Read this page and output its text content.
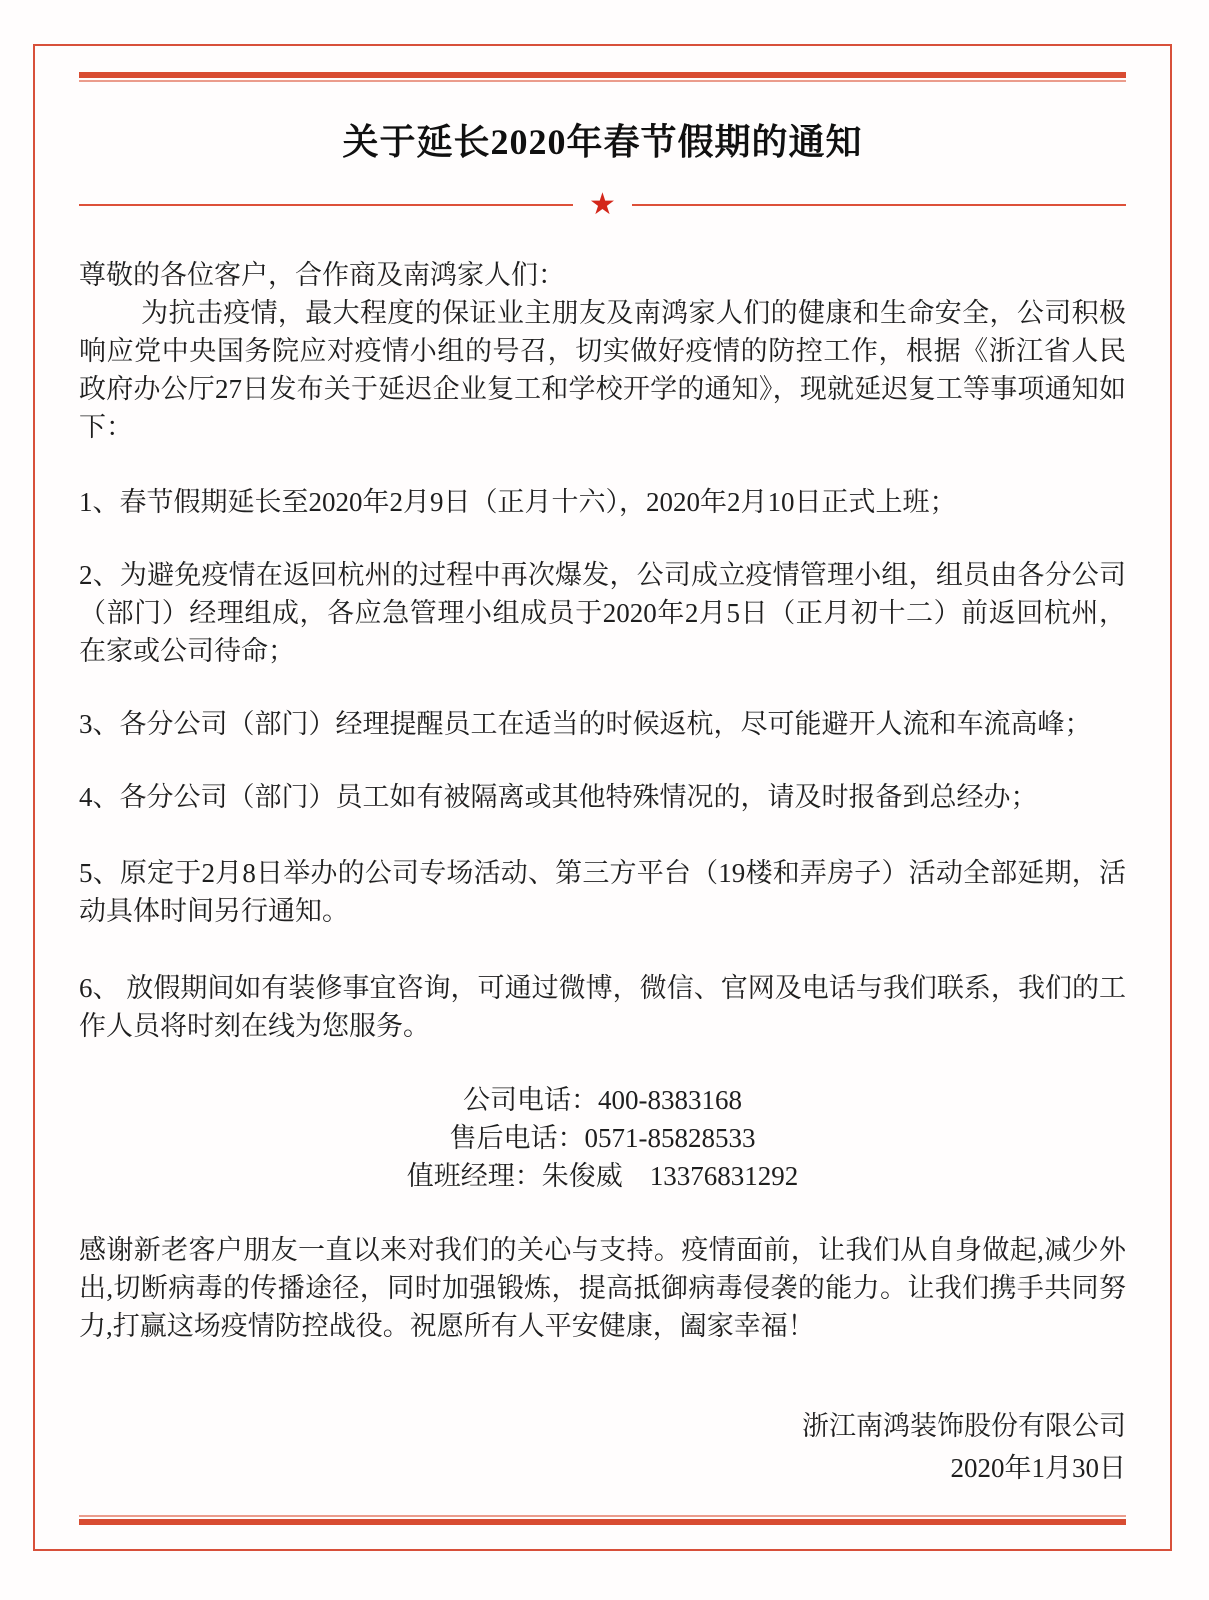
关于延长2020年春节假期的通知
★

尊敬的各位客户，合作商及南鸿家人们：

为抗击疫情，最大程度的保证业主朋友及南鸿家人们的健康和生命安全，公司积极响应党中央国务院应对疫情小组的号召，切实做好疫情的防控工作，根据《浙江省人民政府办公厅27日发布关于延迟企业复工和学校开学的通知》，现就延迟复工等事项通知如下：

1、春节假期延长至2020年2月9日（正月十六），2020年2月10日正式上班；

2、为避免疫情在返回杭州的过程中再次爆发，公司成立疫情管理小组，组员由各分公司（部门）经理组成，各应急管理小组成员于2020年2月5日（正月初十二）前返回杭州，在家或公司待命；

3、各分公司（部门）经理提醒员工在适当的时候返杭，尽可能避开人流和车流高峰；

4、各分公司（部门）员工如有被隔离或其他特殊情况的，请及时报备到总经办；

5、原定于2月8日举办的公司专场活动、第三方平台（19楼和弄房子）活动全部延期，活动具体时间另行通知。

6、 放假期间如有装修事宜咨询，可通过微博，微信、官网及电话与我们联系，我们的工作人员将时刻在线为您服务。

公司电话：400-8383168

售后电话：0571-85828533

值班经理：朱俊威　13376831292

感谢新老客户朋友一直以来对我们的关心与支持。疫情面前，让我们从自身做起,减少外出,切断病毒的传播途径，同时加强锻炼，提高抵御病毒侵袭的能力。让我们携手共同努力,打赢这场疫情防控战役。祝愿所有人平安健康，阖家幸福！

浙江南鸿装饰股份有限公司

2020年1月30日
